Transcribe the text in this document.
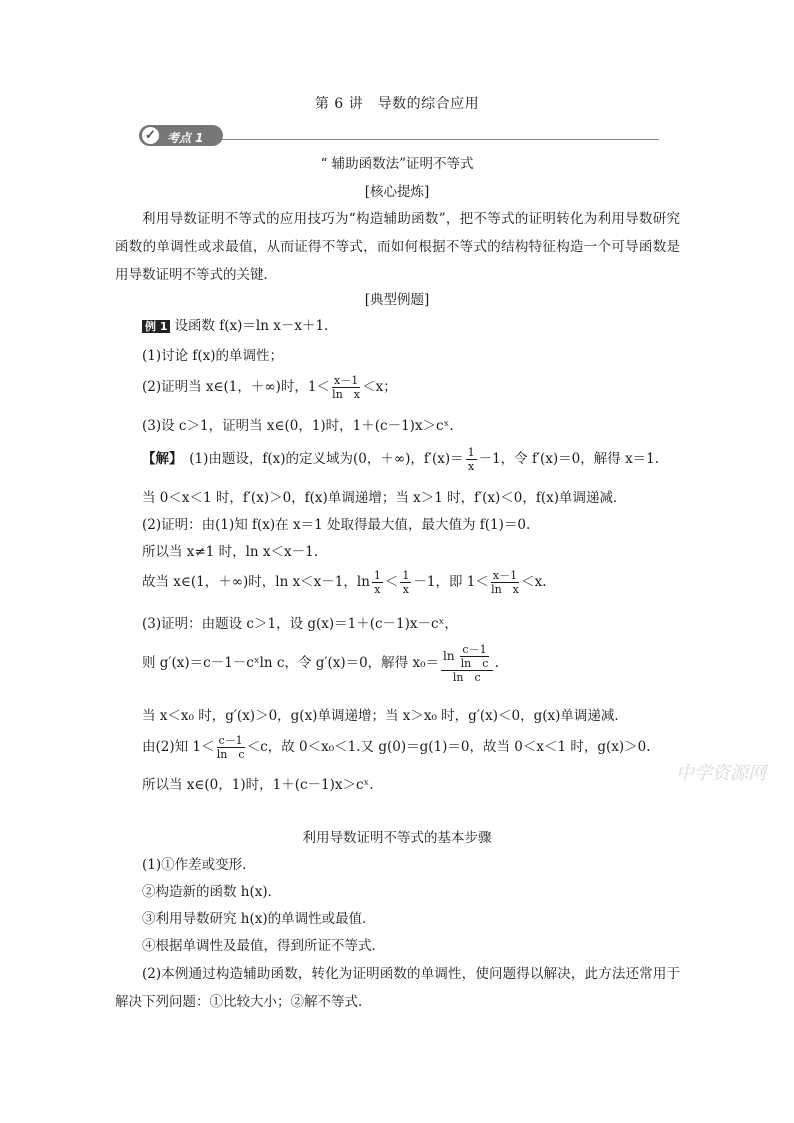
第 6 讲　导数的综合应用
✓ 考点 1
“ 辅助函数法”证明不等式
[核心提炼]
利用导数证明不等式的应用技巧为“构造辅助函数”，把不等式的证明转化为利用导数研究函数的单调性或求最值，从而证得不等式，而如何根据不等式的结构特征构造一个可导函数是用导数证明不等式的关键．
[典型例题]
例 1 设函数 f(x)＝ln x－x＋1.
(1)讨论 f(x)的单调性；
(2)证明当 x∈(1，＋∞)时，$1< \frac{x-1}{\text{ln　x}} <x$；
(3)设 c＞1，证明当 x∈(0，1)时，1＋(c－1)x＞cˣ.
【解】　(1)由题设，f(x)的定义域为(0，＋∞)，$f'(x)= \frac{1}{x} -1$，令 f′(x)＝0，解得 x＝1.
当 0＜x＜1 时，f′(x)＞0，f(x)单调递增；当 x＞1 时，f′(x)＜0，f(x)单调递减．
(2)证明：由(1)知 f(x)在 x＝1 处取得最大值，最大值为 f(1)＝0.
所以当 x≠1 时，ln x＜x－1.
故当 x∈(1，＋∞)时，ln x＜x－1，$\ln \frac{1}{x} < \frac{1}{x} -1$，即 $1< \frac{x-1}{\text{ln　x}} <x$.
(3)证明：由题设 c＞1，设 g(x)＝1＋(c－1)x－cˣ，
则 g′(x)＝c－1－cˣln c，令 g′(x)＝0，解得 $x_0= \frac{\ln \frac{c-1}{\text{ln　c}}}{\text{ln　c}}$ .
当 x＜x₀ 时，g′(x)＞0，g(x)单调递增；当 x＞x₀ 时，g′(x)＜0，g(x)单调递减．
由(2)知 $1< \frac{c-1}{\text{ln　c}} <c$，故 0＜x₀＜1.又 g(0)＝g(1)＝0，故当 0＜x＜1 时，g(x)＞0.
中学资源网
所以当 x∈(0，1)时，1＋(c－1)x＞cˣ.
利用导数证明不等式的基本步骤
(1)①作差或变形．
②构造新的函数 h(x)．
③利用导数研究 h(x)的单调性或最值．
④根据单调性及最值，得到所证不等式．
(2)本例通过构造辅助函数，转化为证明函数的单调性，使问题得以解决，此方法还常用于解决下列问题：①比较大小；②解不等式．
